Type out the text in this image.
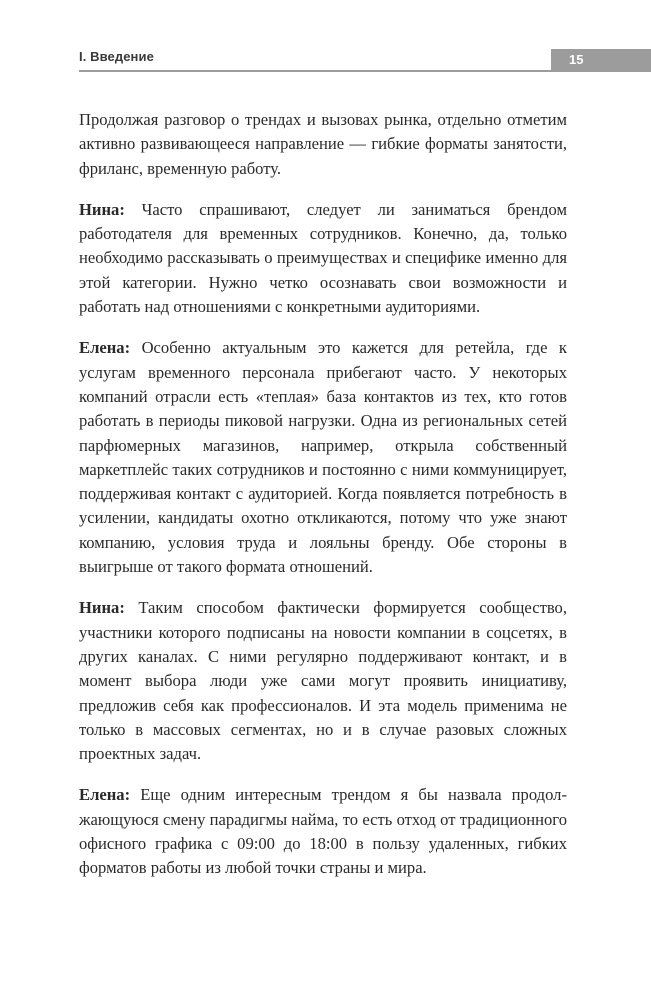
I. Введение	15

Продолжая разговор о трендах и вызовах рынка, отдельно отметим активно развивающееся направление — гибкие форматы занятости, фриланс, временную работу.

Нина: Часто спрашивают, следует ли заниматься брендом работодателя для временных сотрудников. Конечно, да, только необходимо рассказывать о преимуществах и специфике именно для этой категории. Нужно четко осознавать свои возможности и работать над отношениями с конкретными аудиториями.

Елена: Особенно актуальным это кажется для ретейла, где к услугам временного персонала прибегают часто. У некоторых компаний отрасли есть «теплая» база контактов из тех, кто готов работать в периоды пиковой нагрузки. Одна из региональных сетей парфюмерных магазинов, например, открыла собственный маркетплейс таких сотрудников и постоянно с ними коммуницирует, поддерживая контакт с аудиторией. Когда появляется потребность в усилении, кандидаты охотно откликаются, потому что уже знают компанию, условия труда и лояльны бренду. Обе стороны в выигрыше от такого формата отношений.

Нина: Таким способом фактически формируется сообщество, участники которого подписаны на новости компании в соцсетях, в других каналах. С ними регулярно поддерживают контакт, и в момент выбора люди уже сами могут проявить инициативу, предложив себя как профессионалов. И эта модель применима не только в массовых сегментах, но и в случае разовых сложных проектных задач.

Елена: Еще одним интересным трендом я бы назвала продолжающуюся смену парадигмы найма, то есть отход от традиционного офисного графика с 09:00 до 18:00 в пользу удаленных, гибких форматов работы из любой точки страны и мира.
